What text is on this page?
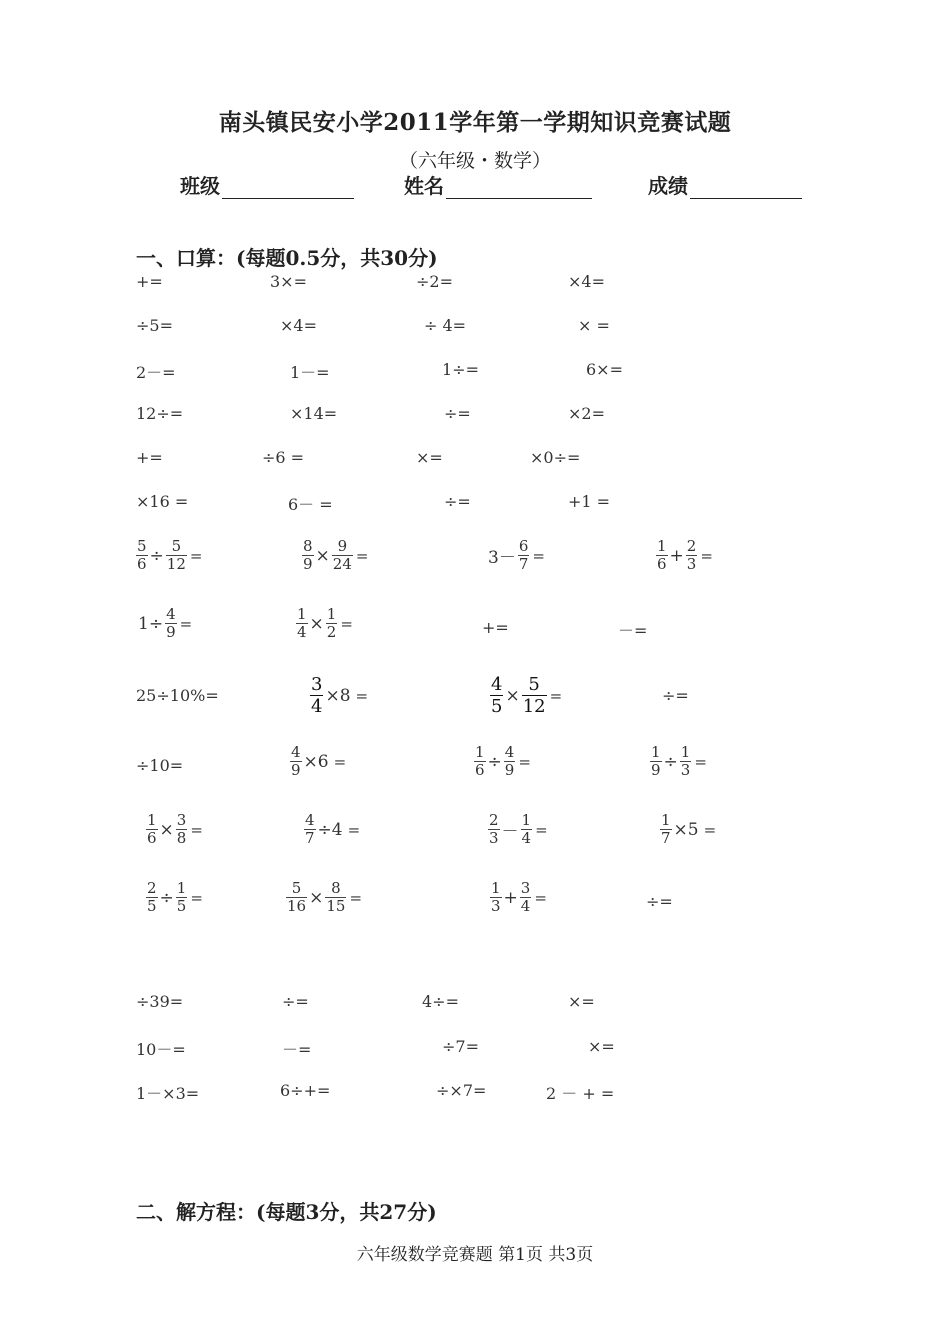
南头镇民安小学2011学年第一学期知识竞赛试题
（六年级・数学）
班级	姓名	成绩
一、口算：(每题0.5分，共30分)
+=	3×=	÷2=	×4=
÷5=	×4=	÷ 4=	× =
2－=	1－=	1÷=	6×=
12÷=	×14=	÷=	×2=
+=	÷6 =	×=	×0÷=
×16 =	6－ =	÷=	+1 =
$\frac{5}{6} \div \frac{5}{12}$ =	$\frac{8}{9} \times \frac{9}{24}$ =	$3- \frac{6}{7}$ =	$\frac{1}{6} + \frac{2}{3}$ =
$1\div \frac{4}{9}$ =	$\frac{1}{4} \times \frac{1}{2}$ =	+=	－=
25÷10%=	$\frac{3}{4} \times 8$ =	$\frac{4}{5} \times \frac{5}{12}$ =	÷=
÷10=	$\frac{4}{9} \times 6$ =	$\frac{1}{6} \div \frac{4}{9}$ =	$\frac{1}{9} \div \frac{1}{3}$ =
$\frac{1}{6} \times \frac{3}{8}$ =	$\frac{4}{7} \div 4$ =	$\frac{2}{3} - \frac{1}{4}$ =	$\frac{1}{7} \times 5$ =
$\frac{2}{5} \div \frac{1}{5}$ =	$\frac{5}{16} \times \frac{8}{15}$ =	$\frac{1}{3} + \frac{3}{4}$ =	÷=
÷39=	÷=	4÷=	×=
10－=	－=	÷7=	×=
1－×3=	6÷+=	÷×7=	2 － + =
二、解方程：(每题3分，共27分)
六年级数学竞赛题 第1页 共3页
